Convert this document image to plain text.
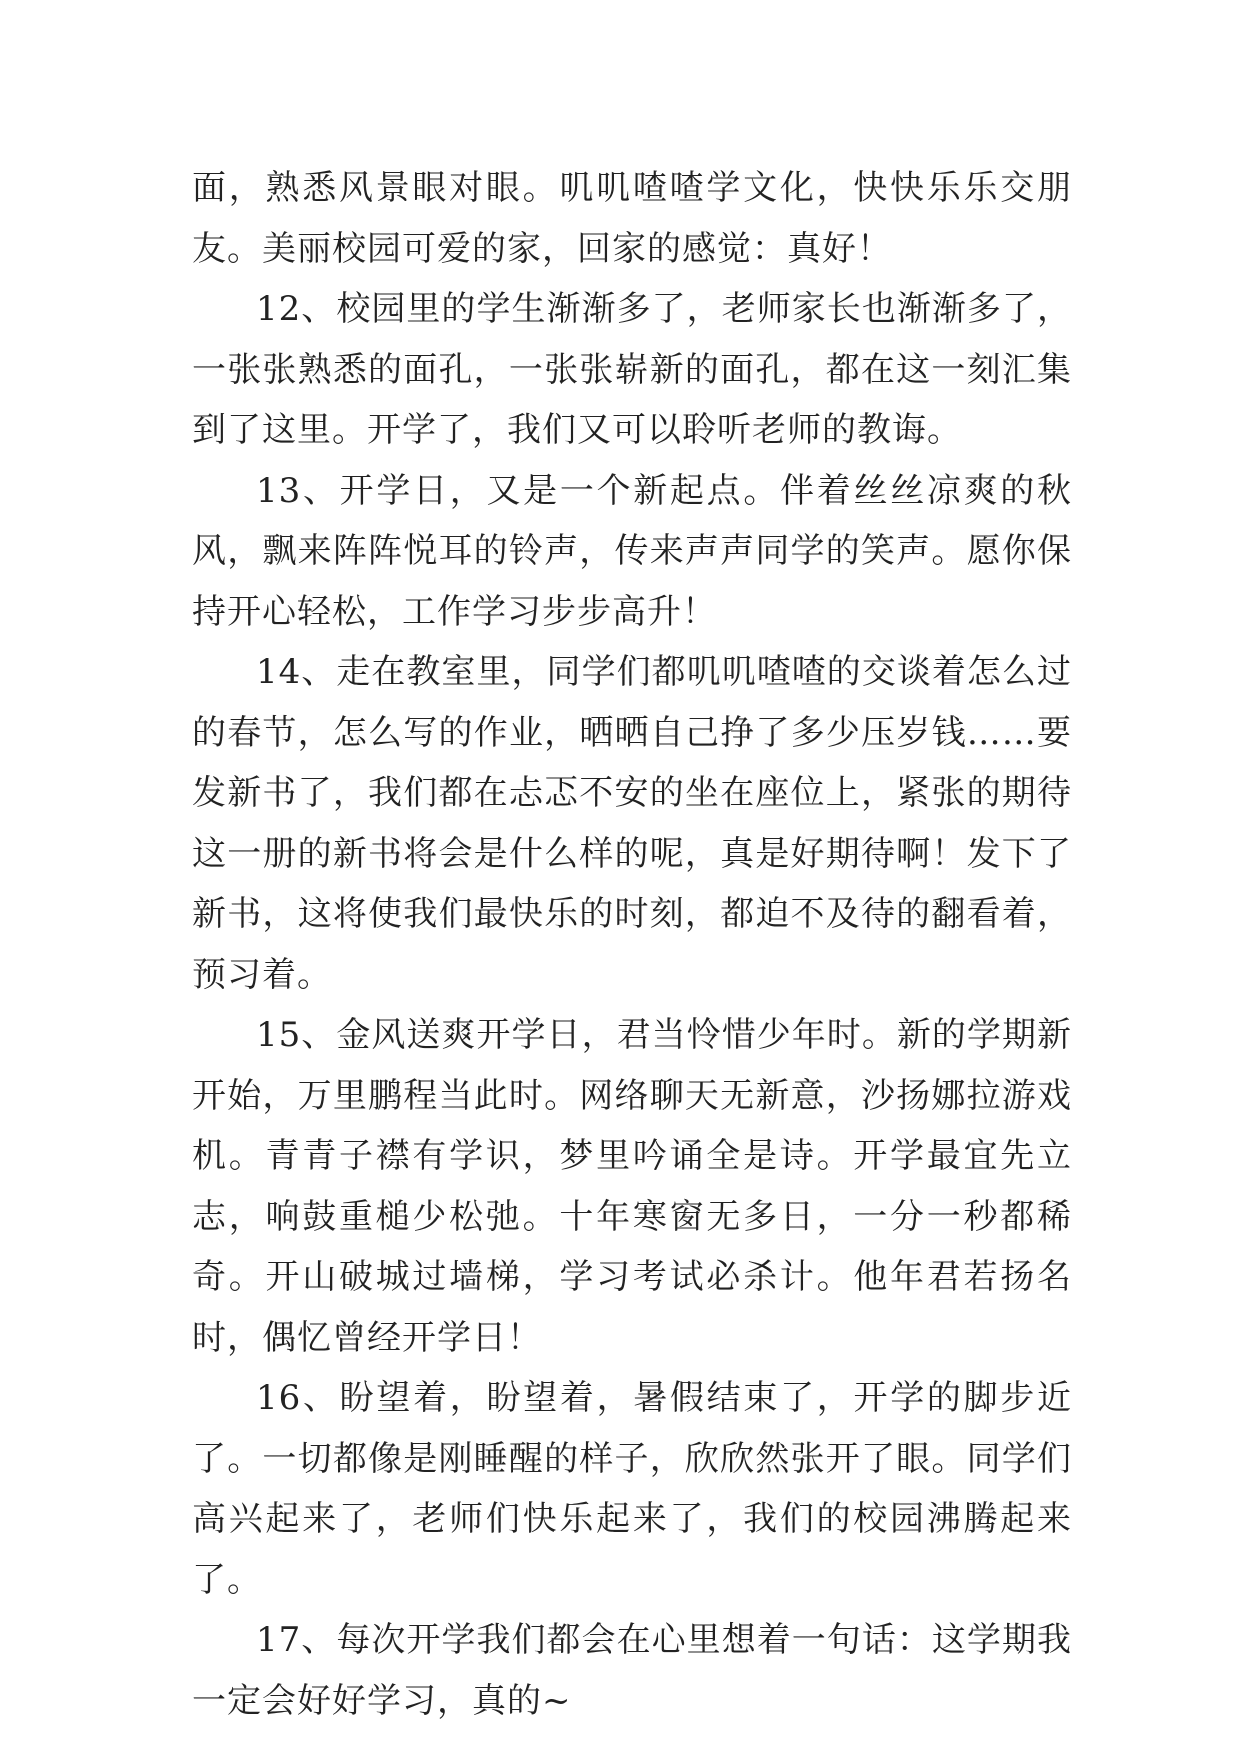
面，熟悉风景眼对眼。叽叽喳喳学文化，快快乐乐交朋友。美丽校园可爱的家，回家的感觉：真好！

12、校园里的学生渐渐多了，老师家长也渐渐多了，一张张熟悉的面孔，一张张崭新的面孔，都在这一刻汇集到了这里。开学了，我们又可以聆听老师的教诲。

13、开学日，又是一个新起点。伴着丝丝凉爽的秋风，飘来阵阵悦耳的铃声，传来声声同学的笑声。愿你保持开心轻松，工作学习步步高升！

14、走在教室里，同学们都叽叽喳喳的交谈着怎么过的春节，怎么写的作业，晒晒自己挣了多少压岁钱……要发新书了，我们都在忐忑不安的坐在座位上，紧张的期待这一册的新书将会是什么样的呢，真是好期待啊！发下了新书，这将使我们最快乐的时刻，都迫不及待的翻看着，预习着。

15、金风送爽开学日，君当怜惜少年时。新的学期新开始，万里鹏程当此时。网络聊天无新意，沙扬娜拉游戏机。青青子襟有学识，梦里吟诵全是诗。开学最宜先立志，响鼓重槌少松弛。十年寒窗无多日，一分一秒都稀奇。开山破城过墙梯，学习考试必杀计。他年君若扬名时，偶忆曾经开学日！

16、盼望着，盼望着，暑假结束了，开学的脚步近了。一切都像是刚睡醒的样子，欣欣然张开了眼。同学们高兴起来了，老师们快乐起来了，我们的校园沸腾起来了。

17、每次开学我们都会在心里想着一句话：这学期我一定会好好学习，真的~
